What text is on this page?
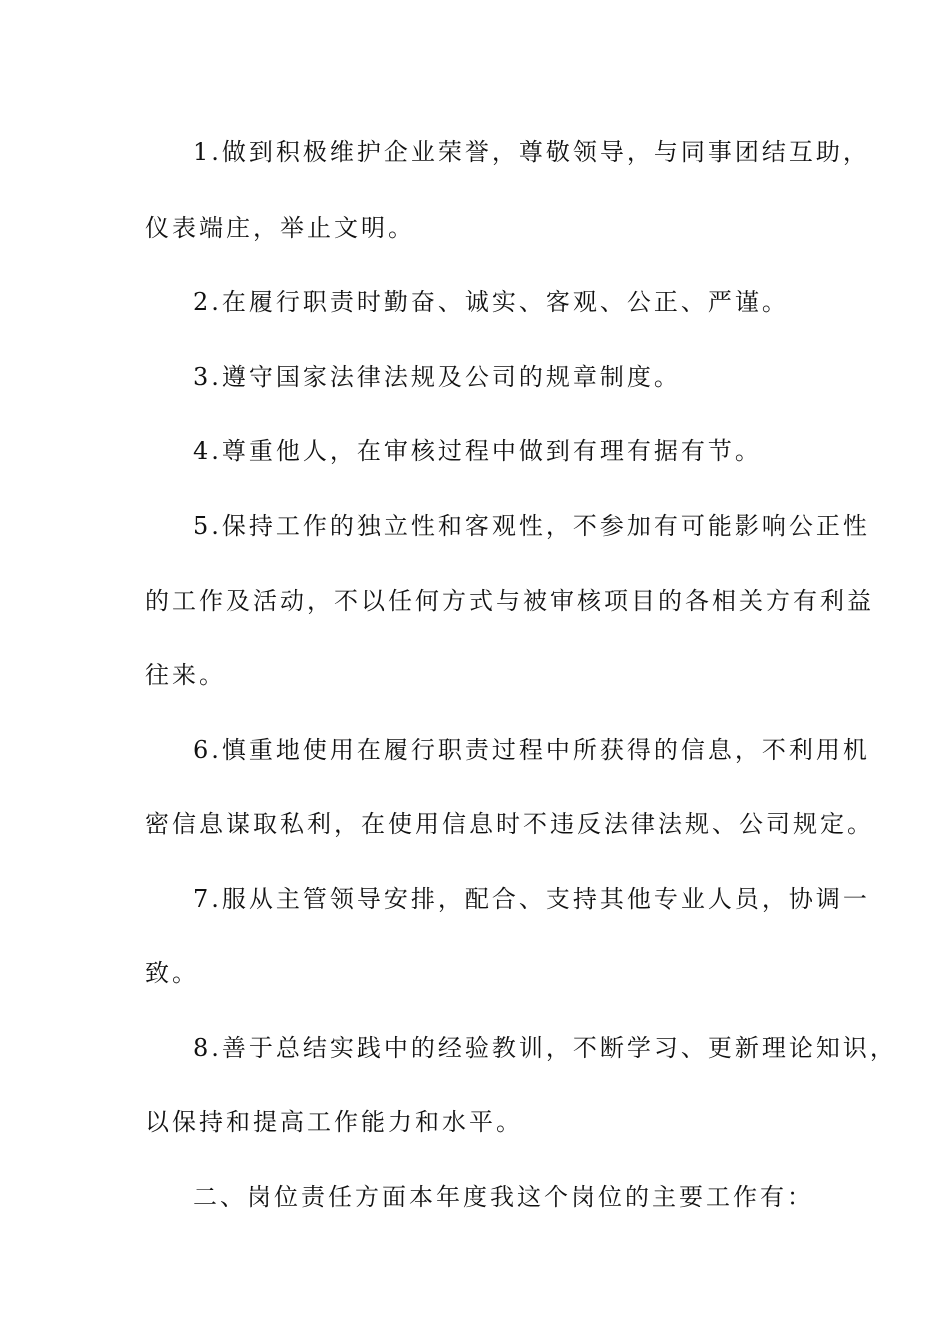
1.做到积极维护企业荣誉，尊敬领导，与同事团结互助，
仪表端庄，举止文明。
2.在履行职责时勤奋、诚实、客观、公正、严谨。
3.遵守国家法律法规及公司的规章制度。
4.尊重他人，在审核过程中做到有理有据有节。
5.保持工作的独立性和客观性，不参加有可能影响公正性
的工作及活动，不以任何方式与被审核项目的各相关方有利益
往来。
6.慎重地使用在履行职责过程中所获得的信息，不利用机
密信息谋取私利，在使用信息时不违反法律法规、公司规定。
7.服从主管领导安排，配合、支持其他专业人员，协调一
致。
8.善于总结实践中的经验教训，不断学习、更新理论知识，
以保持和提高工作能力和水平。
二、岗位责任方面本年度我这个岗位的主要工作有：
